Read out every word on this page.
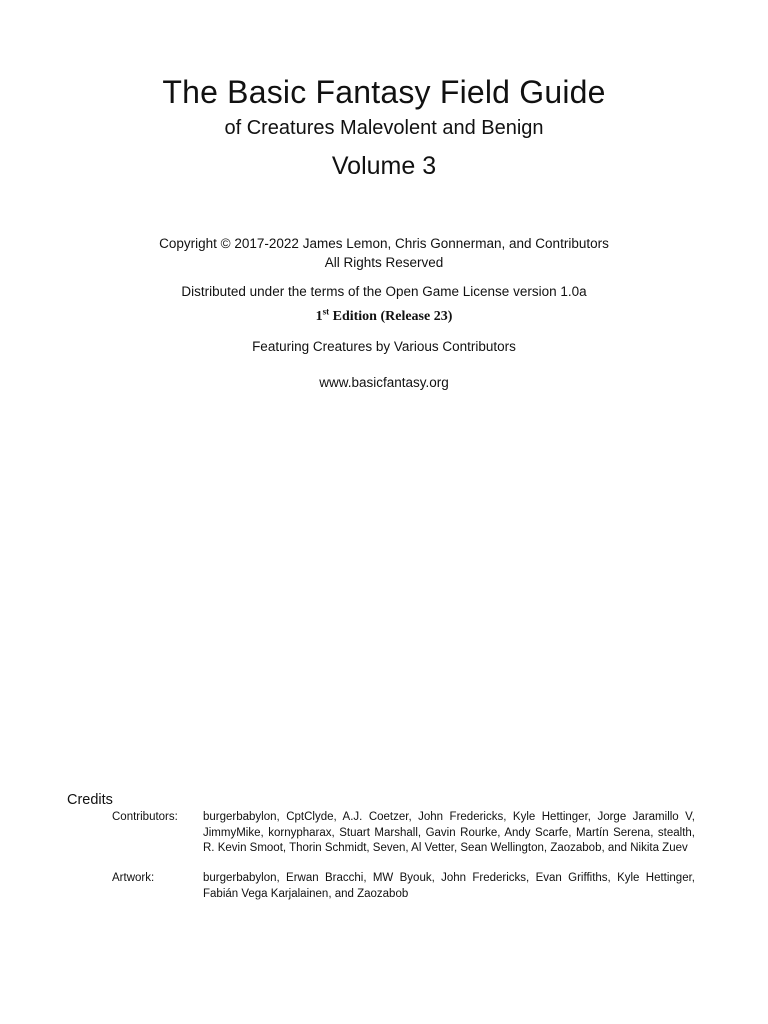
The Basic Fantasy Field Guide
of Creatures Malevolent and Benign
Volume 3
Copyright © 2017-2022 James Lemon, Chris Gonnerman, and Contributors
All Rights Reserved
Distributed under the terms of the Open Game License version 1.0a
1st Edition (Release 23)
Featuring Creatures by Various Contributors
www.basicfantasy.org
Credits
Contributors: burgerbabylon, CptClyde, A.J. Coetzer, John Fredericks, Kyle Hettinger, Jorge Jaramillo V, JimmyMike, kornypharax, Stuart Marshall, Gavin Rourke, Andy Scarfe, Martín Serena, stealth, R. Kevin Smoot, Thorin Schmidt, Seven, Al Vetter, Sean Wellington, Zaozabob, and Nikita Zuev
Artwork:	burgerbabylon, Erwan Bracchi, MW Byouk, John Fredericks, Evan Griffiths, Kyle Hettinger, Fabián Vega Karjalainen, and Zaozabob
